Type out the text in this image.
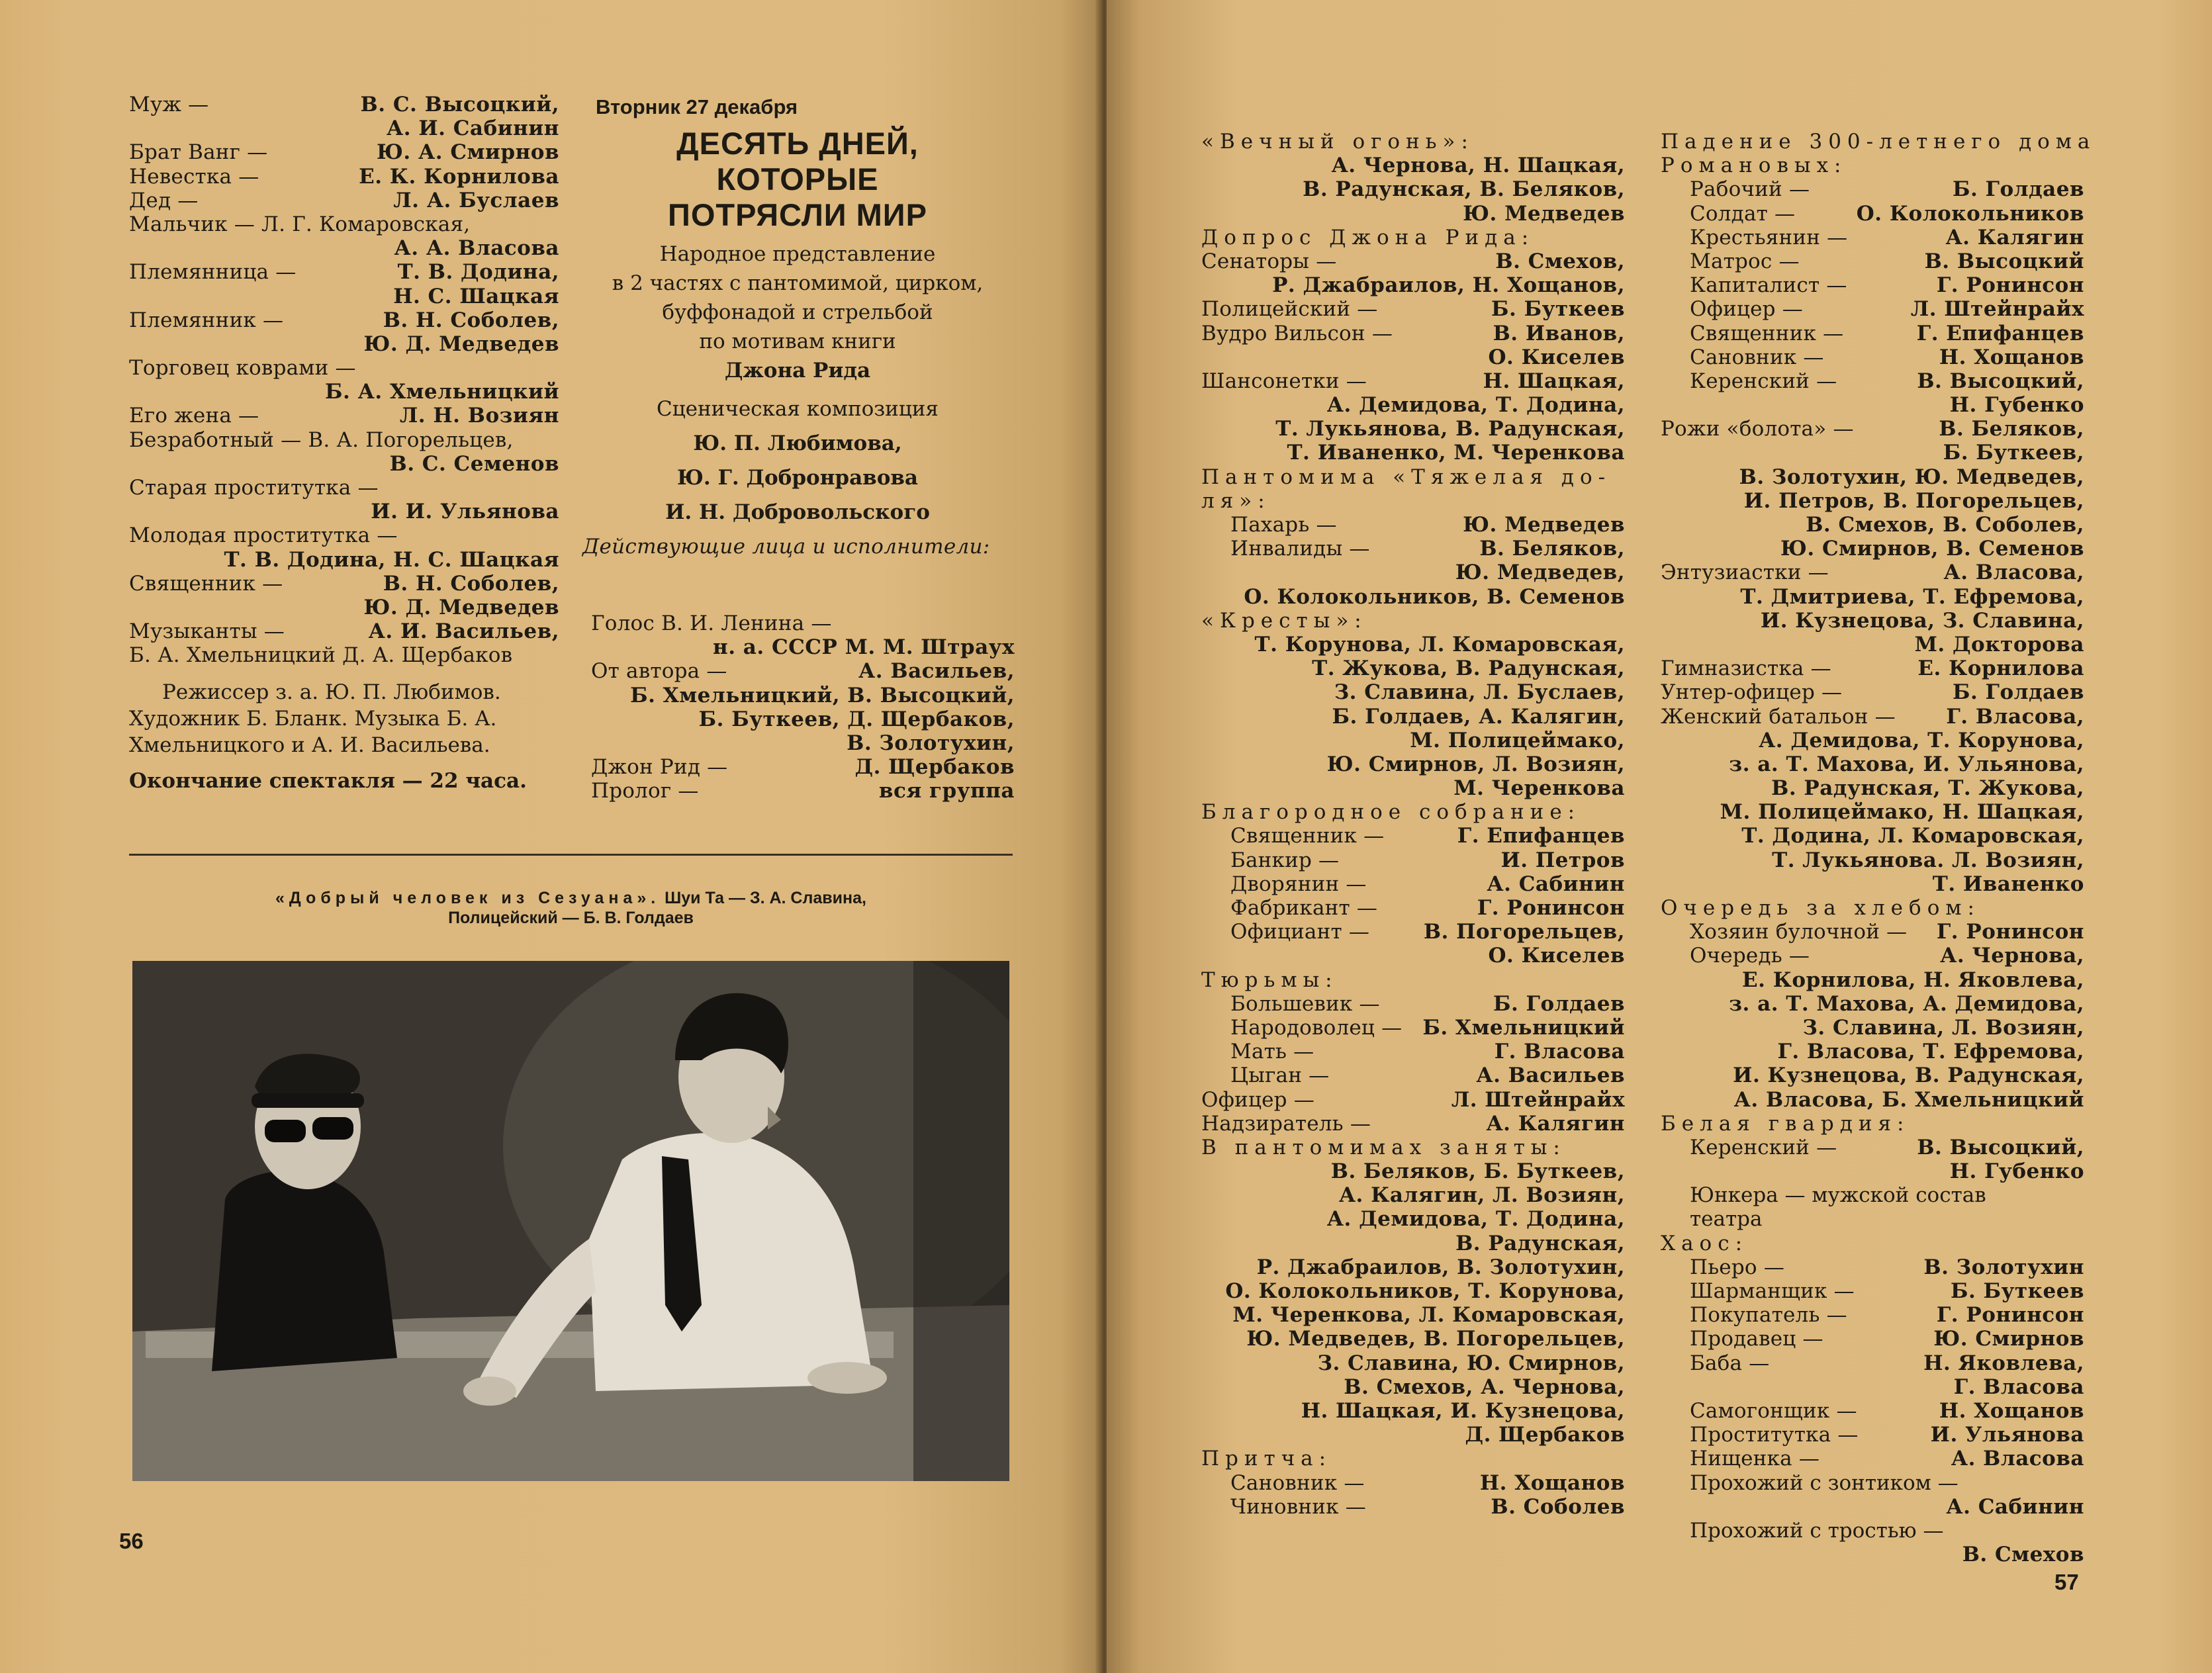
Муж —	В. С. Высоцкий,
А. И. Сабинин
Брат Ванг —	Ю. А. Смирнов
Невестка —	Е. К. Корнилова
Дед —	Л. А. Буслаев
Мальчик — Л. Г. Комаровская,
А. А. Власова
Племянница —	Т. В. Додина,
Н. С. Шацкая
Племянник —	В. Н. Соболев,
Ю. Д. Медведев
Торговец коврами —
Б. А. Хмельницкий
Его жена —	Л. Н. Возиян
Безработный — В. А. Погорельцев,
В. С. Семенов
Старая проститутка —
И. И. Ульянова
Молодая проститутка —
Т. В. Додина, Н. С. Шацкая
Священник —	В. Н. Соболев,
Ю. Д. Медведев
Музыканты —	А. И. Васильев,
Б. А. Хмельницкий Д. А. Щербаков
Режиссер з. а. Ю. П. Любимов.
Художник Б. Бланк. Музыка Б. А.
Хмельницкого и А. И. Васильева.
Окончание спектакля — 22 часа.
Вторник 27 декабря
ДЕСЯТЬ ДНЕЙ,
КОТОРЫЕ
ПОТРЯСЛИ МИР
Народное представление
в 2 частях с пантомимой, цирком,
буффонадой и стрельбой
по мотивам книги
Джона Рида
Сценическая композиция
Ю. П. Любимова,
Ю. Г. Добронравова
И. Н. Добровольского
Действующие лица и исполнители:
Голос В. И. Ленина —
н. а. СССР М. М. Штраух
От автора —	А. Васильев,
Б. Хмельницкий, В. Высоцкий,
Б. Буткеев, Д. Щербаков,
В. Золотухин,
Джон Рид —	Д. Щербаков
Пролог —	вся группа
«Добрый человек из Сезуана». Шуи Та — З. А. Славина,
Полицейский — Б. В. Голдаев
56
«Вечный огонь»:
А. Чернова, Н. Шацкая,
В. Радунская, В. Беляков,
Ю. Медведев
Допрос Джона Рида:
Сенаторы —	В. Смехов,
Р. Джабраилов, Н. Хощанов,
Полицейский —	Б. Буткеев
Вудро Вильсон —	В. Иванов,
О. Киселев
Шансонетки —	Н. Шацкая,
А. Демидова, Т. Додина,
Т. Лукьянова, В. Радунская,
Т. Иваненко, М. Черенкова
Пантомима «Тяжелая до-
ля»:
Пахарь —	Ю. Медведев
Инвалиды —	В. Беляков,
Ю. Медведев,
О. Колокольников, В. Семенов
«Кресты»:
Т. Корунова, Л. Комаровская,
Т. Жукова, В. Радунская,
З. Славина, Л. Буслаев,
Б. Голдаев, А. Калягин,
М. Полицеймако,
Ю. Смирнов, Л. Возиян,
М. Черенкова
Благородное собрание:
Священник —	Г. Епифанцев
Банкир —	И. Петров
Дворянин —	А. Сабинин
Фабрикант —	Г. Ронинсон
Официант —	В. Погорельцев,
О. Киселев
Тюрьмы:
Большевик —	Б. Голдаев
Народоволец — Б. Хмельницкий
Мать —	Г. Власова
Цыган —	А. Васильев
Офицер —	Л. Штейнрайх
Надзиратель —	А. Калягин
В пантомимах заняты:
В. Беляков, Б. Буткеев,
А. Калягин, Л. Возиян,
А. Демидова, Т. Додина,
В. Радунская,
Р. Джабраилов, В. Золотухин,
О. Колокольников, Т. Корунова,
М. Черенкова, Л. Комаровская,
Ю. Медведев, В. Погорельцев,
З. Славина, Ю. Смирнов,
В. Смехов, А. Чернова,
Н. Шацкая, И. Кузнецова,
Д. Щербаков
Притча:
Сановник —	Н. Хощанов
Чиновник —	В. Соболев
Падение 300-летнего дома
Романовых:
Рабочий —	Б. Голдаев
Солдат —	О. Колокольников
Крестьянин —	А. Калягин
Матрос —	В. Высоцкий
Капиталист —	Г. Ронинсон
Офицер —	Л. Штейнрайх
Священник —	Г. Епифанцев
Сановник —	Н. Хощанов
Керенский —	В. Высоцкий,
Н. Губенко
Рожи «болота» —	В. Беляков,
Б. Буткеев,
В. Золотухин, Ю. Медведев,
И. Петров, В. Погорельцев,
В. Смехов, В. Соболев,
Ю. Смирнов, В. Семенов
Энтузиастки —	А. Власова,
Т. Дмитриева, Т. Ефремова,
И. Кузнецова, З. Славина,
М. Докторова
Гимназистка —	Е. Корнилова
Унтер-офицер —	Б. Голдаев
Женский батальон — Г. Власова,
А. Демидова, Т. Корунова,
з. а. Т. Махова, И. Ульянова,
В. Радунская, Т. Жукова,
М. Полицеймако, Н. Шацкая,
Т. Додина, Л. Комаровская,
Т. Лукьянова. Л. Возиян,
Т. Иваненко
Очередь за хлебом:
Хозяин булочной — Г. Ронинсон
Очередь —	А. Чернова,
Е. Корнилова, Н. Яковлева,
з. а. Т. Махова, А. Демидова,
З. Славина, Л. Возиян,
Г. Власова, Т. Ефремова,
И. Кузнецова, В. Радунская,
А. Власова, Б. Хмельницкий
Белая гвардия:
Керенский —	В. Высоцкий,
Н. Губенко
Юнкера — мужской состав
театра
Хаос:
Пьеро —	В. Золотухин
Шарманщик —	Б. Буткеев
Покупатель —	Г. Ронинсон
Продавец —	Ю. Смирнов
Баба —	Н. Яковлева,
Г. Власова
Самогонщик —	Н. Хощанов
Проститутка —	И. Ульянова
Нищенка —	А. Власова
Прохожий с зонтиком —
А. Сабинин
Прохожий с тростью —
В. Смехов
57
